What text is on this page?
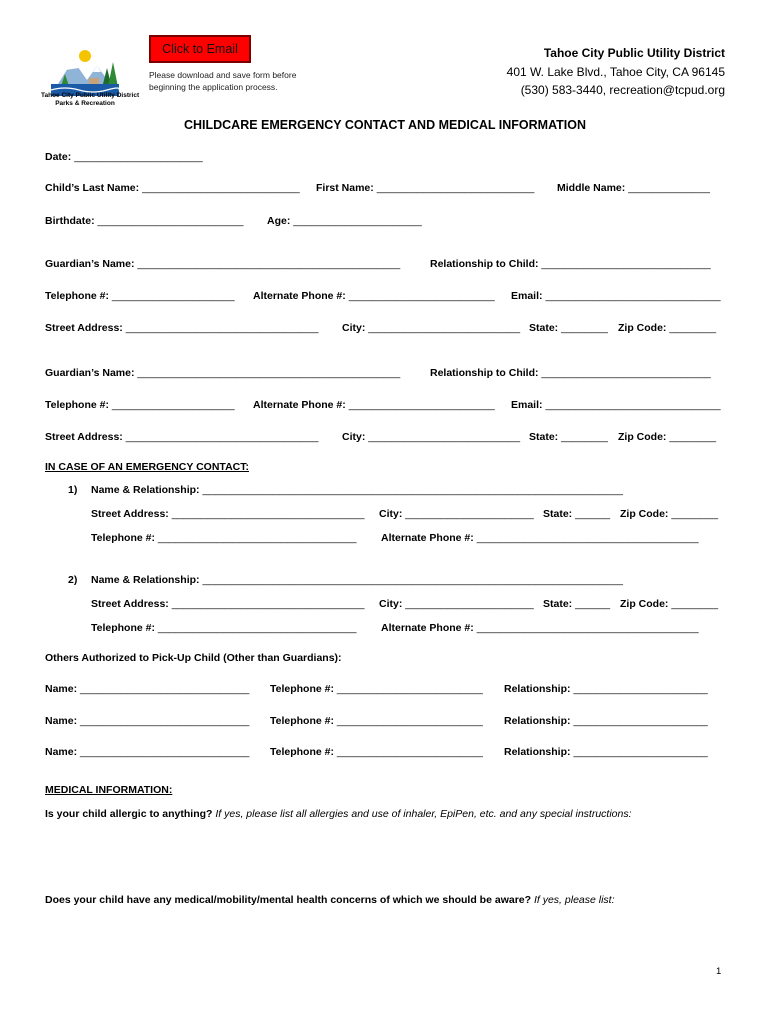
Tahoe City Public Utility District
Parks & Recreation
Click to Email
Please download and save form before beginning the application process.
Tahoe City Public Utility District
401 W. Lake Blvd., Tahoe City, CA 96145
(530) 583-3440, recreation@tcpud.org
CHILDCARE EMERGENCY CONTACT AND MEDICAL INFORMATION
Date: ______________________
Child’s Last Name: ___________________________ First Name: ___________________________ Middle Name: ______________
Birthdate: _________________________ Age: ______________________
Guardian’s Name: _____________________________________________	Relationship to Child: _____________________________
Telephone #: _____________________ Alternate Phone #: _________________________ Email: ______________________________
Street Address: _________________________________ City: __________________________ State: ________ Zip Code: ________
Guardian’s Name: _____________________________________________	Relationship to Child: _____________________________
Telephone #: _____________________ Alternate Phone #: _________________________ Email: ______________________________
Street Address: _________________________________ City: __________________________ State: ________ Zip Code: ________
IN CASE OF AN EMERGENCY CONTACT:
1) Name & Relationship: ________________________________________________________________________
Street Address: _________________________________ City: ______________________ State: ______ Zip Code: ________
Telephone #: __________________________________ Alternate Phone #: ______________________________________
2) Name & Relationship: ________________________________________________________________________
Street Address: _________________________________ City: ______________________ State: ______ Zip Code: ________
Telephone #: __________________________________ Alternate Phone #: ______________________________________
Others Authorized to Pick-Up Child (Other than Guardians):
Name: _____________________________ Telephone #: _________________________ Relationship: _______________________
Name: _____________________________ Telephone #: _________________________ Relationship: _______________________
Name: _____________________________ Telephone #: _________________________ Relationship: _______________________
MEDICAL INFORMATION:
Is your child allergic to anything? If yes, please list all allergies and use of inhaler, EpiPen, etc. and any special instructions:
Does your child have any medical/mobility/mental health concerns of which we should be aware? If yes, please list:
1
